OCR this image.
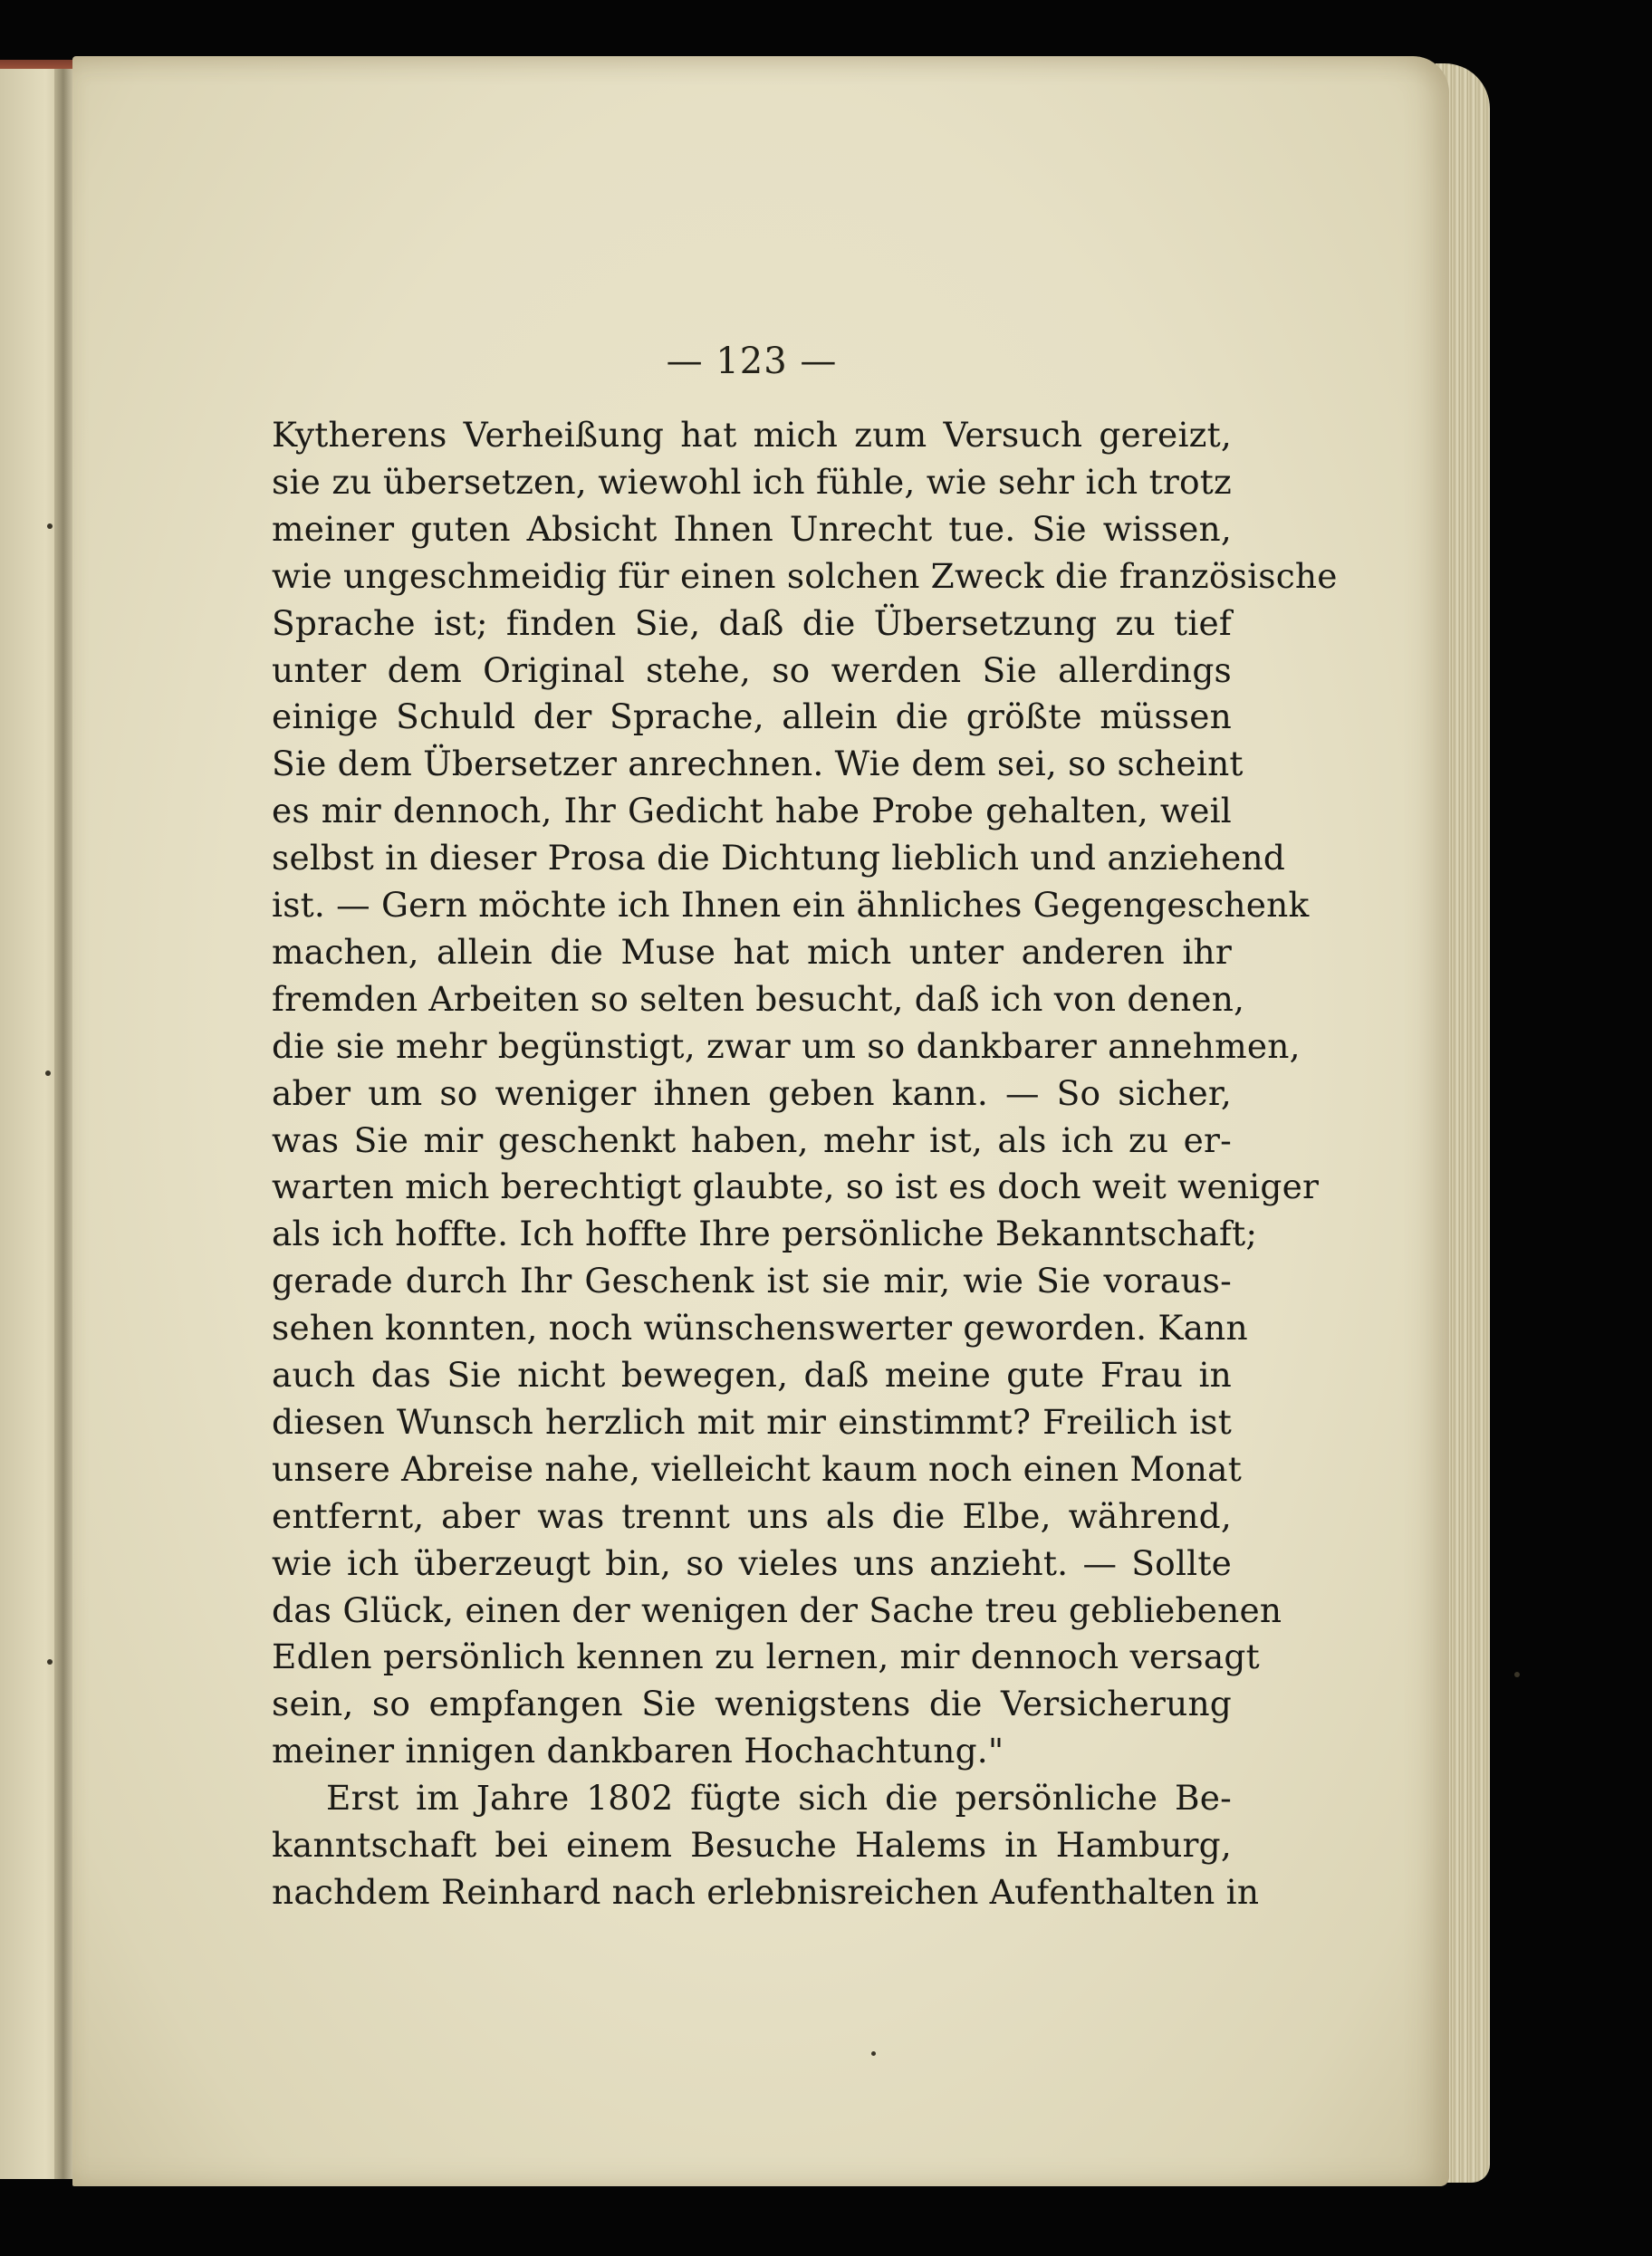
— 123 —
Kytherens Verheißung hat mich zum Versuch gereizt,
sie zu übersetzen, wiewohl ich fühle, wie sehr ich trotz
meiner guten Absicht Ihnen Unrecht tue. Sie wissen,
wie ungeschmeidig für einen solchen Zweck die französische
Sprache ist; finden Sie, daß die Übersetzung zu tief
unter dem Original stehe, so werden Sie allerdings
einige Schuld der Sprache, allein die größte müssen
Sie dem Übersetzer anrechnen. Wie dem sei, so scheint
es mir dennoch, Ihr Gedicht habe Probe gehalten, weil
selbst in dieser Prosa die Dichtung lieblich und anziehend
ist. — Gern möchte ich Ihnen ein ähnliches Gegengeschenk
machen, allein die Muse hat mich unter anderen ihr
fremden Arbeiten so selten besucht, daß ich von denen,
die sie mehr begünstigt, zwar um so dankbarer annehmen,
aber um so weniger ihnen geben kann. — So sicher,
was Sie mir geschenkt haben, mehr ist, als ich zu er-
warten mich berechtigt glaubte, so ist es doch weit weniger
als ich hoffte. Ich hoffte Ihre persönliche Bekanntschaft;
gerade durch Ihr Geschenk ist sie mir, wie Sie voraus-
sehen konnten, noch wünschenswerter geworden. Kann
auch das Sie nicht bewegen, daß meine gute Frau in
diesen Wunsch herzlich mit mir einstimmt? Freilich ist
unsere Abreise nahe, vielleicht kaum noch einen Monat
entfernt, aber was trennt uns als die Elbe, während,
wie ich überzeugt bin, so vieles uns anzieht. — Sollte
das Glück, einen der wenigen der Sache treu gebliebenen
Edlen persönlich kennen zu lernen, mir dennoch versagt
sein, so empfangen Sie wenigstens die Versicherung
meiner innigen dankbaren Hochachtung."
Erst im Jahre 1802 fügte sich die persönliche Be-
kanntschaft bei einem Besuche Halems in Hamburg,
nachdem Reinhard nach erlebnisreichen Aufenthalten in
